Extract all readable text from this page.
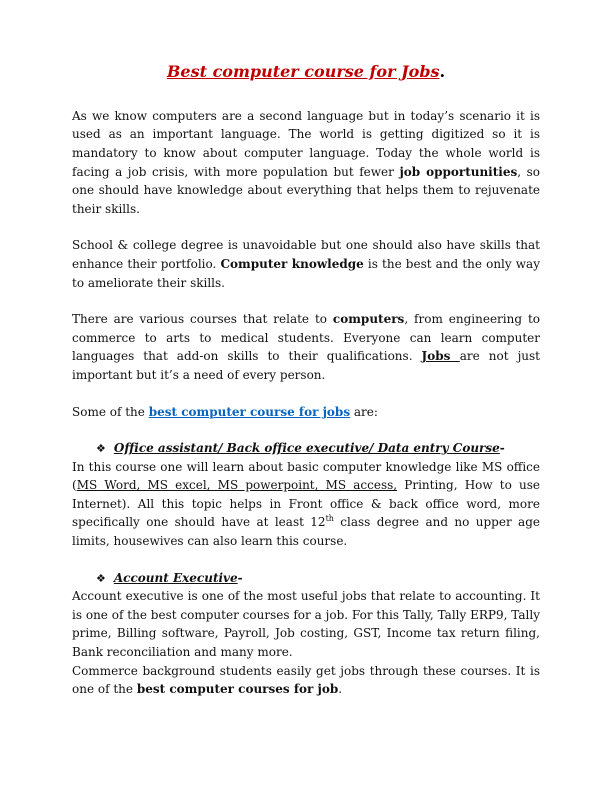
Best computer course for Jobs.

As we know computers are a second language but in today’s scenario it is used as an important language. The world is getting digitized so it is mandatory to know about computer language. Today the whole world is facing a job crisis, with more population but fewer job opportunities, so one should have knowledge about everything that helps them to rejuvenate their skills.

School & college degree is unavoidable but one should also have skills that enhance their portfolio. Computer knowledge is the best and the only way to ameliorate their skills.

There are various courses that relate to computers, from engineering to commerce to arts to medical students. Everyone can learn computer languages that add-on skills to their qualifications. Jobs are not just important but it’s a need of every person.

Some of the best computer course for jobs are:

❖ Office assistant/ Back office executive/ Data entry Course-

In this course one will learn about basic computer knowledge like MS office (MS Word, MS excel, MS powerpoint, MS access, Printing, How to use Internet). All this topic helps in Front office & back office word, more specifically one should have at least 12th class degree and no upper age limits, housewives can also learn this course.

❖ Account Executive-

Account executive is one of the most useful jobs that relate to accounting. It is one of the best computer courses for a job. For this Tally, Tally ERP9, Tally prime, Billing software, Payroll, Job costing, GST, Income tax return filing, Bank reconciliation and many more.

Commerce background students easily get jobs through these courses. It is one of the best computer courses for job.
